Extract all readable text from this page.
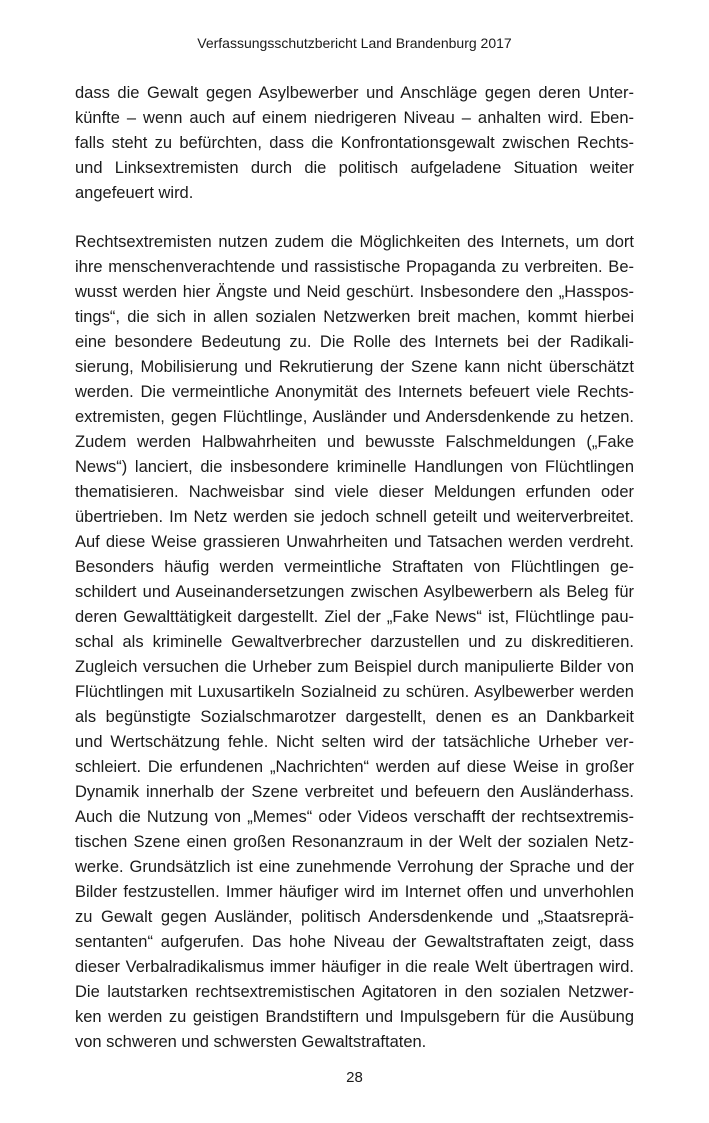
Verfassungsschutzbericht Land Brandenburg 2017
dass die Gewalt gegen Asylbewerber und Anschläge gegen deren Unter-
künfte – wenn auch auf einem niedrigeren Niveau – anhalten wird. Eben-
falls steht zu befürchten, dass die Konfrontationsgewalt zwischen Rechts-
und Linksextremisten durch die politisch aufgeladene Situation weiter
angefeuert wird.
Rechtsextremisten nutzen zudem die Möglichkeiten des Internets, um dort
ihre menschenverachtende und rassistische Propaganda zu verbreiten. Be-
wusst werden hier Ängste und Neid geschürt. Insbesondere den „Hasspos-
tings“, die sich in allen sozialen Netzwerken breit machen, kommt hierbei
eine besondere Bedeutung zu. Die Rolle des Internets bei der Radikali-
sierung, Mobilisierung und Rekrutierung der Szene kann nicht überschätzt
werden. Die vermeintliche Anonymität des Internets befeuert viele Rechts-
extremisten, gegen Flüchtlinge, Ausländer und Andersdenkende zu hetzen.
Zudem werden Halbwahrheiten und bewusste Falschmeldungen („Fake
News“) lanciert, die insbesondere kriminelle Handlungen von Flüchtlingen
thematisieren. Nachweisbar sind viele dieser Meldungen erfunden oder
übertrieben. Im Netz werden sie jedoch schnell geteilt und weiterverbreitet.
Auf diese Weise grassieren Unwahrheiten und Tatsachen werden verdreht.
Besonders häufig werden vermeintliche Straftaten von Flüchtlingen ge-
schildert und Auseinandersetzungen zwischen Asylbewerbern als Beleg für
deren Gewalttätigkeit dargestellt. Ziel der „Fake News“ ist, Flüchtlinge pau-
schal als kriminelle Gewaltverbrecher darzustellen und zu diskreditieren.
Zugleich versuchen die Urheber zum Beispiel durch manipulierte Bilder von
Flüchtlingen mit Luxusartikeln Sozialneid zu schüren. Asylbewerber werden
als begünstigte Sozialschmarotzer dargestellt, denen es an Dankbarkeit
und Wertschätzung fehle. Nicht selten wird der tatsächliche Urheber ver-
schleiert. Die erfundenen „Nachrichten“ werden auf diese Weise in großer
Dynamik innerhalb der Szene verbreitet und befeuern den Ausländerhass.
Auch die Nutzung von „Memes“ oder Videos verschafft der rechtsextremis-
tischen Szene einen großen Resonanzraum in der Welt der sozialen Netz-
werke. Grundsätzlich ist eine zunehmende Verrohung der Sprache und der
Bilder festzustellen. Immer häufiger wird im Internet offen und unverhohlen
zu Gewalt gegen Ausländer, politisch Andersdenkende und „Staatsreprä-
sentanten“ aufgerufen. Das hohe Niveau der Gewaltstraftaten zeigt, dass
dieser Verbalradikalismus immer häufiger in die reale Welt übertragen wird.
Die lautstarken rechtsextremistischen Agitatoren in den sozialen Netzwer-
ken werden zu geistigen Brandstiftern und Impulsgebern für die Ausübung
von schweren und schwersten Gewaltstraftaten.
28
